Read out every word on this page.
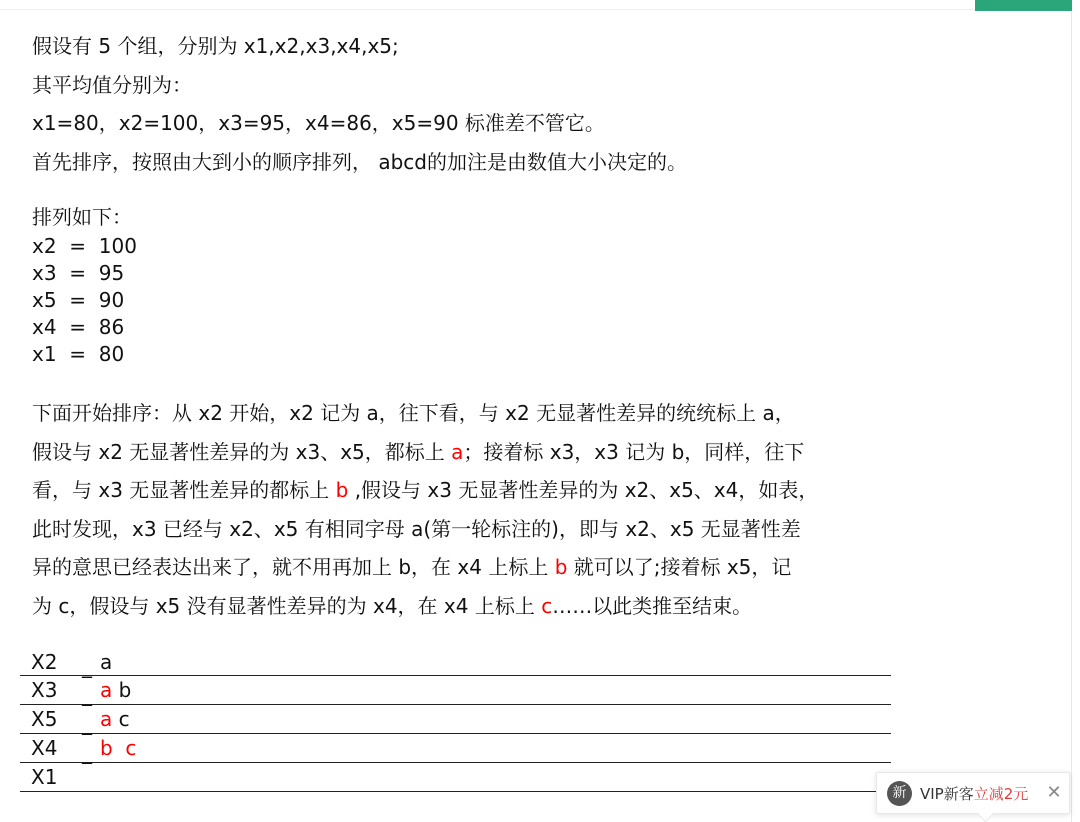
假设有 5 个组，分别为 x1,x2,x3,x4,x5;
其平均值分别为：
x1=80，x2=100，x3=95，x4=86，x5=90 标准差不管它。
首先排序，按照由大到小的顺序排列， abcd的加注是由数值大小决定的。
排列如下：
x2  =  100
x3  =  95
x5  =  90
x4  =  86
x1  =  80
下面开始排序：从 x2 开始，x2 记为 a，往下看，与 x2 无显著性差异的统统标上 a，
假设与 x2 无显著性差异的为 x3、x5，都标上 a；接着标 x3，x3 记为 b，同样，往下
看，与 x3 无显著性差异的都标上 b ,假设与 x3 无显著性差异的为 x2、x5、x4，如表，
此时发现，x3 已经与 x2、x5 有相同字母 a(第一轮标注的)，即与 x2、x5 无显著性差
异的意思已经表达出来了，就不用再加上 b，在 x4 上标上 b 就可以了;接着标 x5，记
为 c，假设与 x5 没有显著性差异的为 x4，在 x4 上标上 c……以此类推至结束。
X2 _ a
X3 _ a b
X5 _ a c
X4 _ b  c
X1
新 VIP新客立减2元 ✕
